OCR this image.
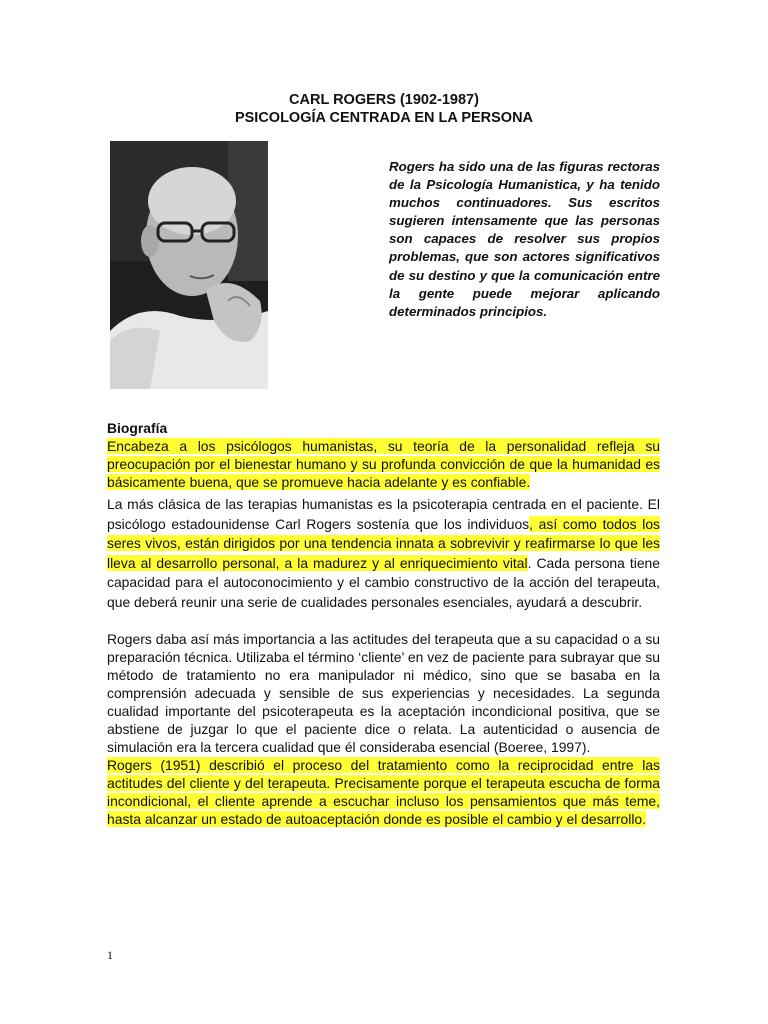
CARL ROGERS (1902-1987)
PSICOLOGÍA CENTRADA EN LA PERSONA
Rogers ha sido una de las figuras rectoras de la Psicología Humanistica, y ha tenido muchos continuadores. Sus escritos sugieren intensamente que las personas son capaces de resolver sus propios problemas, que son actores significativos de su destino y que la comunicación entre la gente puede mejorar aplicando determinados principios.
Biografía
Encabeza a los psicólogos humanistas, su teoría de la personalidad refleja su preocupación por el bienestar humano y su profunda convicción de que la humanidad es básicamente buena, que se promueve hacia adelante y es confiable.
La más clásica de las terapias humanistas es la psicoterapia centrada en el paciente. El psicólogo estadounidense Carl Rogers sostenía que los individuos, así como todos los seres vivos, están dirigidos por una tendencia innata a sobrevivir y reafirmarse lo que les lleva al desarrollo personal, a la madurez y al enriquecimiento vital. Cada persona tiene capacidad para el autoconocimiento y el cambio constructivo de la acción del terapeuta, que deberá reunir una serie de cualidades personales esenciales, ayudará a descubrir.
Rogers daba así más importancia a las actitudes del terapeuta que a su capacidad o a su preparación técnica. Utilizaba el término ‘cliente’ en vez de paciente para subrayar que su método de tratamiento no era manipulador ni médico, sino que se basaba en la comprensión adecuada y sensible de sus experiencias y necesidades. La segunda cualidad importante del psicoterapeuta es la aceptación incondicional positiva, que se abstiene de juzgar lo que el paciente dice o relata. La autenticidad o ausencia de simulación era la tercera cualidad que él consideraba esencial (Boeree, 1997).
Rogers (1951) describió el proceso del tratamiento como la reciprocidad entre las actitudes del cliente y del terapeuta. Precisamente porque el terapeuta escucha de forma incondicional, el cliente aprende a escuchar incluso los pensamientos que más teme, hasta alcanzar un estado de autoaceptación donde es posible el cambio y el desarrollo.
1
